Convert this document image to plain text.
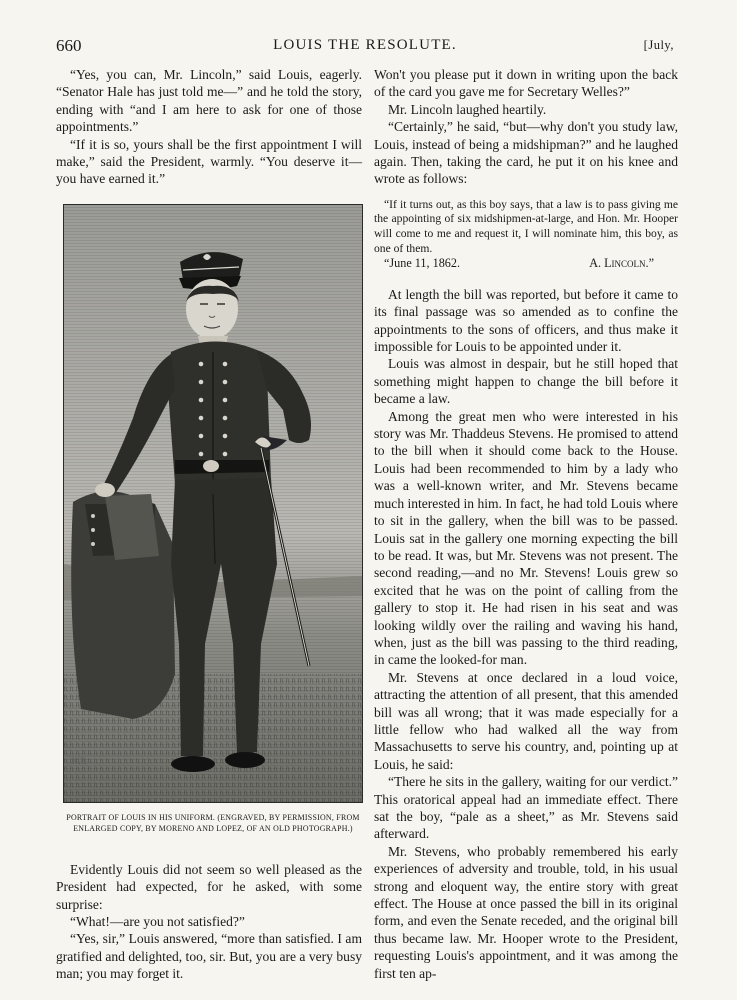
660	LOUIS THE RESOLUTE.	[July,

“Yes, you can, Mr. Lincoln,” said Louis, eagerly. “Senator Hale has just told me—” and he told the story, ending with “and I am here to ask for one of those appointments.”

“If it is so, yours shall be the first appointment I will make,” said the President, warmly. “You deserve it—you have earned it.”

JCB
PORTRAIT OF LOUIS IN HIS UNIFORM. (ENGRAVED, BY PERMISSION, FROM ENLARGED COPY, BY MORENO AND LOPEZ, OF AN OLD PHOTOGRAPH.)

Evidently Louis did not seem so well pleased as the President had expected, for he asked, with some surprise:

“What!—are you not satisfied?”

“Yes, sir,” Louis answered, “more than satisfied. I am gratified and delighted, too, sir. But, you are a very busy man; you may forget it.

Won't you please put it down in writing upon the back of the card you gave me for Secretary Welles?”

Mr. Lincoln laughed heartily.

“Certainly,” he said, “but—why don't you study law, Louis, instead of being a midshipman?” and he laughed again. Then, taking the card, he put it on his knee and wrote as follows:

“If it turns out, as this boy says, that a law is to pass giving me the appointing of six midshipmen-at-large, and Hon. Mr. Hooper will come to me and request it, I will nominate him, this boy, as one of them.

“June 11, 1862.	A. Lincoln.”

At length the bill was reported, but before it came to its final passage was so amended as to confine the appointments to the sons of officers, and thus make it impossible for Louis to be appointed under it.

Louis was almost in despair, but he still hoped that something might happen to change the bill before it became a law.

Among the great men who were interested in his story was Mr. Thaddeus Stevens. He promised to attend to the bill when it should come back to the House. Louis had been recommended to him by a lady who was a well-known writer, and Mr. Stevens became much interested in him. In fact, he had told Louis where to sit in the gallery, when the bill was to be passed. Louis sat in the gallery one morning expecting the bill to be read. It was, but Mr. Stevens was not present. The second reading,—and no Mr. Stevens! Louis grew so excited that he was on the point of calling from the gallery to stop it. He had risen in his seat and was looking wildly over the railing and waving his hand, when, just as the bill was passing to the third reading, in came the looked-for man.

Mr. Stevens at once declared in a loud voice, attracting the attention of all present, that this amended bill was all wrong; that it was made especially for a little fellow who had walked all the way from Massachusetts to serve his country, and, pointing up at Louis, he said:

“There he sits in the gallery, waiting for our verdict.” This oratorical appeal had an immediate effect. There sat the boy, “pale as a sheet,” as Mr. Stevens said afterward.

Mr. Stevens, who probably remembered his early experiences of adversity and trouble, told, in his usual strong and eloquent way, the entire story with great effect. The House at once passed the bill in its original form, and even the Senate receded, and the original bill thus became law. Mr. Hooper wrote to the President, requesting Louis's appointment, and it was among the first ten ap-
